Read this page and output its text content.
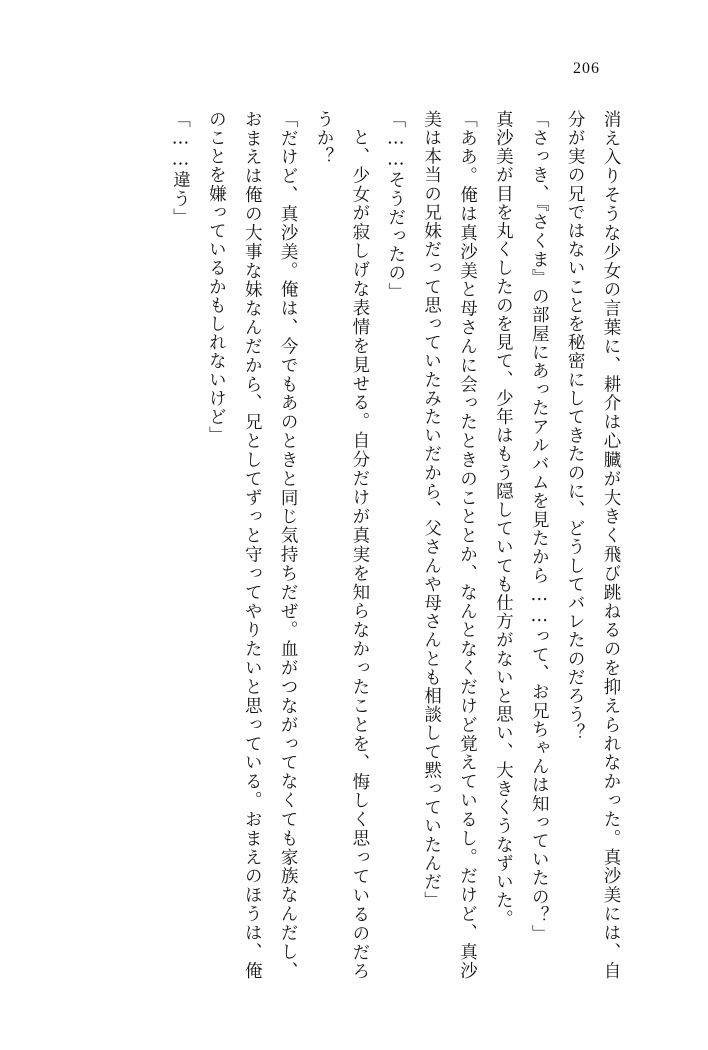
206

消え入りそうな少女の言葉に、耕介は心臓が大きく飛び跳ねるのを抑えられなかった。真沙美には、自分が実の兄ではないことを秘密にしてきたのに、どうしてバレたのだろう？

「さっき、『さくま』の部屋にあったアルバムを見たから……って、お兄ちゃんは知っていたの？」

真沙美が目を丸くしたのを見て、少年はもう隠していても仕方がないと思い、大きくうなずいた。

「ああ。俺は真沙美と母さんに会ったときのこととか、なんとなくだけど覚えているし。だけど、真沙美は本当の兄妹だって思っていたみたいだから、父さんや母さんとも相談して黙っていたんだ」

「……そうだったの」

と、少女が寂しげな表情を見せる。自分だけが真実を知らなかったことを、悔しく思っているのだろうか？

「だけど、真沙美。俺は、今でもあのときと同じ気持ちだぜ。血がつながってなくても家族なんだし、おまえは俺の大事な妹なんだから、兄としてずっと守ってやりたいと思っている。おまえのほうは、俺のことを嫌っているかもしれないけど」

「……違う」
